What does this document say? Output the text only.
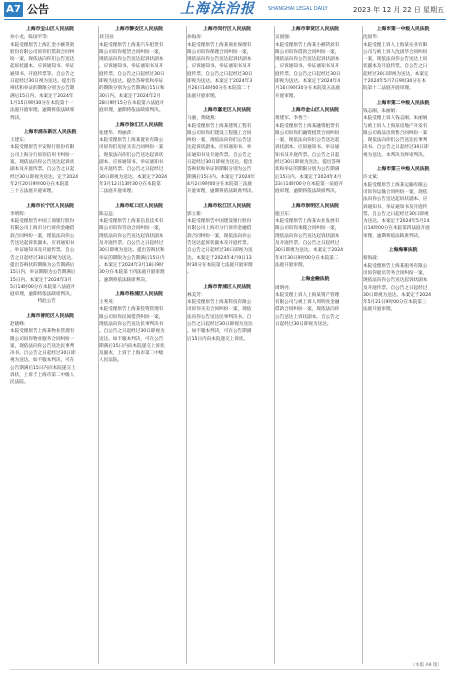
A7 公告	上海法治报	SHANGHAI LEGAL DAILY	2023 年 12 月 22 日 星期五
上海市宝山区人民法院
孙小龙、陈国平等：
本院受理原告上海汇金小额贷款
股份有限公司诉你们借款合同纠
纷一案，现依法向你们公告送达
起诉状副本、应诉通知书、举证
通知书、开庭传票等。自公告之
日起经过30日视为送达。提出答
辩状和举证的期限分别为公告期
满后15日内。本案定于2024年
1月15日9时30分在本院第十一
法庭开庭审理。逾期将依法缺席
判决。
上海市浦东新区人民法院
王建东：
本院受理原告平安银行股份有限
公司上海分行诉你信用卡纠纷一
案，现依法向你公告送达起诉状
副本及开庭传票。自公告之日起
经过30日即视为送达。定于2024
年2月20日9时00分在本院第
三十五法庭开庭审理。
上海市长宁区人民法院
李明辉：
本院受理原告中国工商银行股份
有限公司上海市分行诉你金融借
款合同纠纷一案，现依法向你公
告送达起诉状副本、应诉通知书
、举证通知书及开庭传票。自公
告之日起经过30日即视为送达。
提出答辩状的期限为公告期满后
15日内，举证期限为公告期满后
15日内。本案定于2024年3月
5日14时00分在本院第八法庭开
庭审理，逾期将依法缺席判决。
　　　　　　特此公告
上海市普陀区人民法院
赵晓峰：
本院受理原告上海某物业管理有
限公司诉你物业服务合同纠纷一
案，现依法向你公告送达民事判
决书。自公告之日起经过30日即
视为送达。如不服本判决，可在
公告期满后15日内向本院递交上
诉状，上诉于上海市第二中级人
民法院。
上海市静安区人民法院
刘卫国：
本院受理原告上海某汽车租赁有
限公司诉你租赁合同纠纷一案，
现依法向你公告送达起诉状副本
、应诉通知书、举证通知书及开
庭传票。自公告之日起经过30日
即视为送达。提出答辩状和举证
的期限分别为公告期满后15日和
30日内。本案定于2024年2月
28日9时15分在本院第六法庭开
庭审理，逾期将依法缺席判决。
上海市徐汇区人民法院
张建华、周丽萍：
本院受理原告上海某置业有限公
司诉你们房屋买卖合同纠纷一案
，现依法向你们公告送达起诉状
副本、应诉通知书、举证通知书
及开庭传票。自公告之日起经过
30日即视为送达。本案定于2024
年3月12日13时30分在本院第
二法庭开庭审理。
上海市虹口区人民法院
陈志远：
本院受理原告上海某信息技术有
限公司诉你劳动合同纠纷一案，
现依法向你公告送达起诉状副本
及开庭传票。自公告之日起经过
30日即视为送达。提出答辩状和
举证的期限为公告期满后15日内
。本案定于2024年3月18日9时
30分在本院第十四法庭开庭审理
。逾期将依法缺席判决。
上海市杨浦区人民法院
王秀英：
本院受理原告上海某投资管理有
限公司诉你民间借贷纠纷一案，
现依法向你公告送达民事判决书
。自公告之日起经过30日即视为
送达。如不服本判决，可在公告
期满后15日内向本院递交上诉状
及副本，上诉于上海市第二中级
人民法院。
上海市闵行区人民法院
孙海涛：
本院受理原告上海某商业保理有
限公司诉你保理合同纠纷一案，
现依法向你公告送达起诉状副本
、应诉通知书、举证通知书及开
庭传票。自公告之日起经过30日
即视为送达。本案定于2024年3
月26日14时00分在本院第二十
法庭开庭审理。
上海市嘉定区人民法院
马骏、黄晓燕：
本院受理原告上海某建筑工程有
限公司诉你们建设工程施工合同
纠纷一案，现依法向你们公告送
达起诉状副本、应诉通知书、举
证通知书及开庭传票。自公告之
日起经过30日即视为送达。提出
答辩状和举证的期限分别为公告
期满后15日内。本案定于2024年
4月2日9时00分在本院第三法庭
开庭审理，逾期将依法缺席判决。
上海市松江区人民法院
郭立新：
本院受理原告中国建设银行股份
有限公司上海市分行诉你金融借
款合同纠纷一案，现依法向你公
告送达起诉状副本及开庭传票。
自公告之日起经过30日即视为送
达。本案定于2024年4月9日13
时30分在本院第七法庭开庭审理
。
上海市青浦区人民法院
林美芳：
本院受理原告上海某科技有限公
司诉你买卖合同纠纷一案，现依
法向你公告送达民事判决书。自
公告之日起经过30日即视为送达
。如不服本判决，可在公告期满
后15日内向本院递交上诉状。
上海市奉贤区人民法院
吴国强：
本院受理原告上海某小额贷款有
限公司诉你借款合同纠纷一案，
现依法向你公告送达起诉状副本
、应诉通知书、举证通知书及开
庭传票。自公告之日起经过30日
即视为送达。本案定于2024年4
月16日9时30分在本院第五法庭
开庭审理。
上海市金山区人民法院
黄建军、李秀兰：
本院受理原告上海某融资租赁有
限公司诉你们融资租赁合同纠纷
一案，现依法向你们公告送达起
诉状副本、应诉通知书、举证通
知书及开庭传票。自公告之日起
经过30日即视为送达。提出答辩
状和举证的期限分别为公告期满
后15日内。本案定于2024年4月
23日14时00分在本院第一法庭开
庭审理，逾期将依法缺席判决。
上海市崇明区人民法院
施卫东：
本院受理原告上海某农业发展有
限公司诉你承揽合同纠纷一案，
现依法向你公告送达起诉状副本
及开庭传票。自公告之日起经过
30日即视为送达。本案定于2024
年4月30日9时00分在本院第二
法庭开庭审理。
上海金融法院
周明亮：
本院受理上诉人上海某资产管理
有限公司与被上诉人周明亮金融
借款合同纠纷一案，现依法向你
公告送达上诉状副本。自公告之
日起经过30日即视为送达。
上海市第一中级人民法院
沈国华：
本院受理上诉人上海某实业有限
公司与被上诉人沈国华合同纠纷
一案，现依法向你公告送达上诉
状副本及开庭传票。自公告之日
起经过30日即视为送达。本案定
于2024年5月7日9时30分在本
院第十二法庭开庭审理。
上海市第二中级人民法院
钱志刚、朱丽娟：
本院受理上诉人钱志刚、朱丽娟
与被上诉人上海某房地产开发有
限公司商品房预售合同纠纷一案
，现依法向你们公告送达民事判
决书。自公告之日起经过30日即
视为送达。本判决为终审判决。
上海市第三中级人民法院
许文斌：
本院受理原告上海某运输有限公
司诉你运输合同纠纷一案，现依
法向你公告送达起诉状副本、应
诉通知书、举证通知书及开庭传
票。自公告之日起经过30日即视
为送达。本案定于2024年5月14
日14时00分在本院第四法庭开庭
审理，逾期将依法缺席判决。
上海海事法院
蔡海波：
本院受理原告上海某船务有限公
司诉你船员劳务合同纠纷一案，
现依法向你公告送达起诉状副本
及开庭传票。自公告之日起经过
30日即视为送达。本案定于2024
年5月21日9时00分在本院第三
法庭开庭审理。
（本版 A8 版）
